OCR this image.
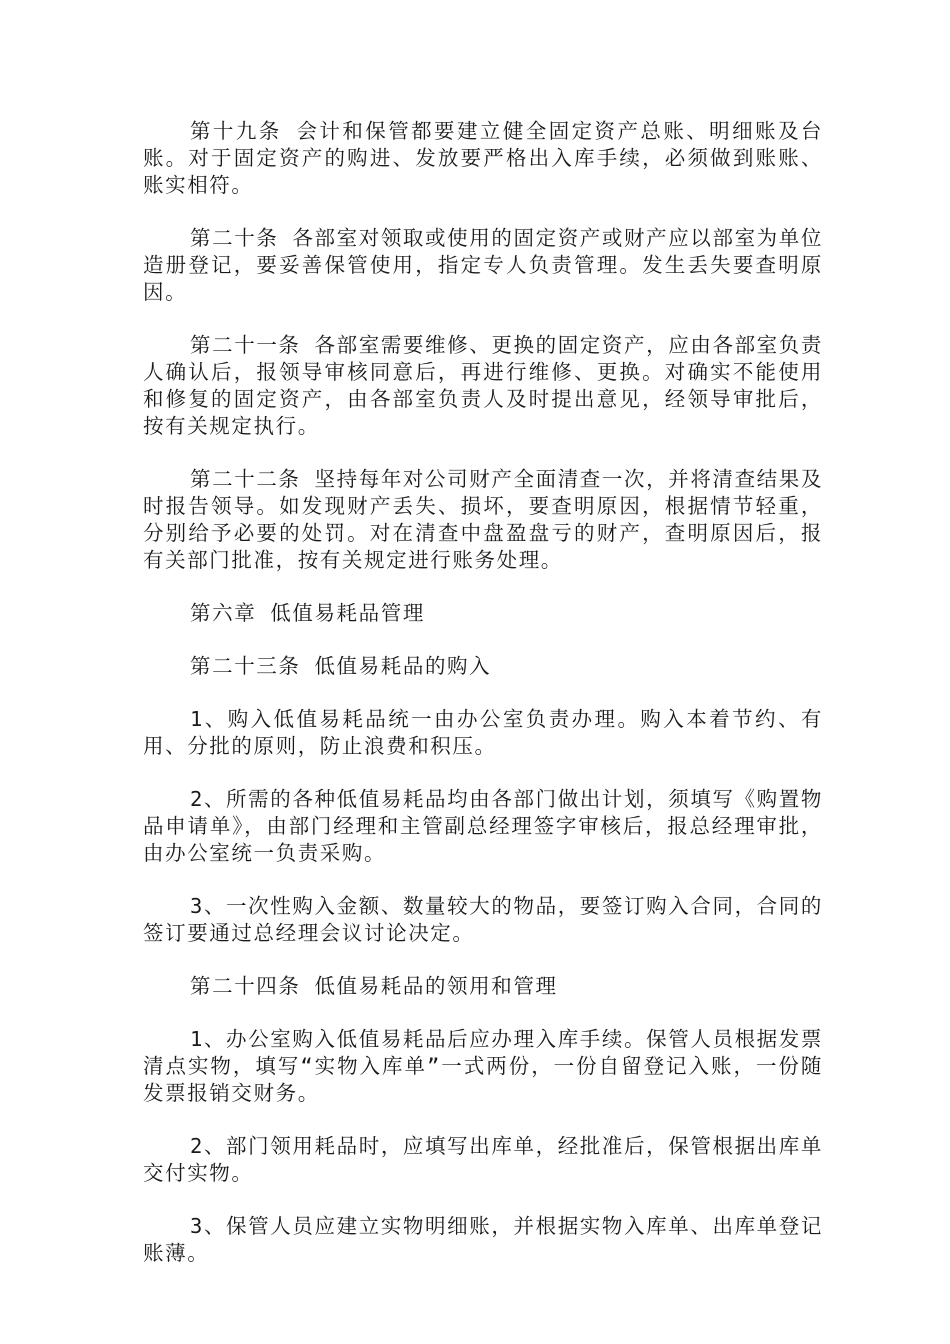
第十九条 会计和保管都要建立健全固定资产总账、明细账及台账。对于固定资产的购进、发放要严格出入库手续，必须做到账账、账实相符。

第二十条 各部室对领取或使用的固定资产或财产应以部室为单位造册登记，要妥善保管使用，指定专人负责管理。发生丢失要查明原因。

第二十一条 各部室需要维修、更换的固定资产，应由各部室负责人确认后，报领导审核同意后，再进行维修、更换。对确实不能使用和修复的固定资产，由各部室负责人及时提出意见，经领导审批后，按有关规定执行。

第二十二条 坚持每年对公司财产全面清查一次，并将清查结果及时报告领导。如发现财产丢失、损坏，要查明原因，根据情节轻重，分别给予必要的处罚。对在清查中盘盈盘亏的财产，查明原因后，报有关部门批准，按有关规定进行账务处理。

第六章 低值易耗品管理

第二十三条 低值易耗品的购入

1、购入低值易耗品统一由办公室负责办理。购入本着节约、有用、分批的原则，防止浪费和积压。

2、所需的各种低值易耗品均由各部门做出计划，须填写《购置物品申请单》，由部门经理和主管副总经理签字审核后，报总经理审批，由办公室统一负责采购。

3、一次性购入金额、数量较大的物品，要签订购入合同，合同的签订要通过总经理会议讨论决定。

第二十四条 低值易耗品的领用和管理

1、办公室购入低值易耗品后应办理入库手续。保管人员根据发票清点实物，填写“实物入库单”一式两份，一份自留登记入账，一份随发票报销交财务。

2、部门领用耗品时，应填写出库单，经批准后，保管根据出库单交付实物。

3、保管人员应建立实物明细账，并根据实物入库单、出库单登记账薄。
